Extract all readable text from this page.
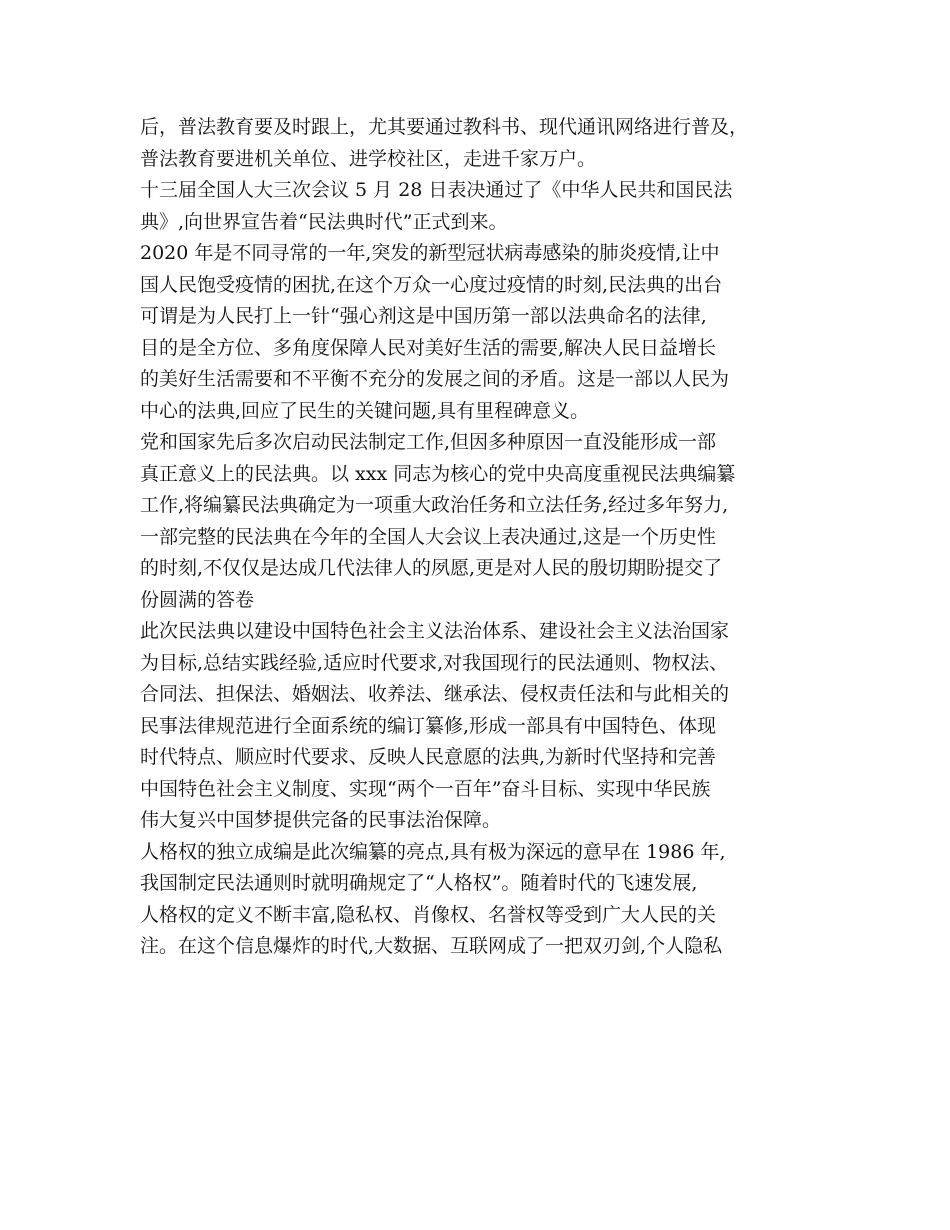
后，普法教育要及时跟上，尤其要通过教科书、现代通讯网络进行普及，
普法教育要进机关单位、进学校社区，走进千家万户。
十三届全国人大三次会议 5 月 28 日表决通过了《中华人民共和国民法
典》,向世界宣告着“民法典时代”正式到来。
2020 年是不同寻常的一年,突发的新型冠状病毒感染的肺炎疫情,让中
国人民饱受疫情的困扰,在这个万众一心度过疫情的时刻,民法典的出台
可谓是为人民打上一针“强心剂这是中国历第一部以法典命名的法律,
目的是全方位、多角度保障人民对美好生活的需要,解决人民日益增长
的美好生活需要和不平衡不充分的发展之间的矛盾。这是一部以人民为
中心的法典,回应了民生的关键问题,具有里程碑意义。
党和国家先后多次启动民法制定工作,但因多种原因一直没能形成一部
真正意义上的民法典。以 xxx 同志为核心的党中央高度重视民法典编纂
工作,将编纂民法典确定为一项重大政治任务和立法任务,经过多年努力,
一部完整的民法典在今年的全国人大会议上表决通过,这是一个历史性
的时刻,不仅仅是达成几代法律人的夙愿,更是对人民的殷切期盼提交了
份圆满的答卷
此次民法典以建设中国特色社会主义法治体系、建设社会主义法治国家
为目标,总结实践经验,适应时代要求,对我国现行的民法通则、物权法、
合同法、担保法、婚姻法、收养法、继承法、侵权责任法和与此相关的
民事法律规范进行全面系统的编订纂修,形成一部具有中国特色、体现
时代特点、顺应时代要求、反映人民意愿的法典,为新时代坚持和完善
中国特色社会主义制度、实现“两个一百年”奋斗目标、实现中华民族
伟大复兴中国梦提供完备的民事法治保障。
人格权的独立成编是此次编纂的亮点,具有极为深远的意早在 1986 年,
我国制定民法通则时就明确规定了“人格权”。随着时代的飞速发展,
人格权的定义不断丰富,隐私权、肖像权、名誉权等受到广大人民的关
注。在这个信息爆炸的时代,大数据、互联网成了一把双刃剑,个人隐私
